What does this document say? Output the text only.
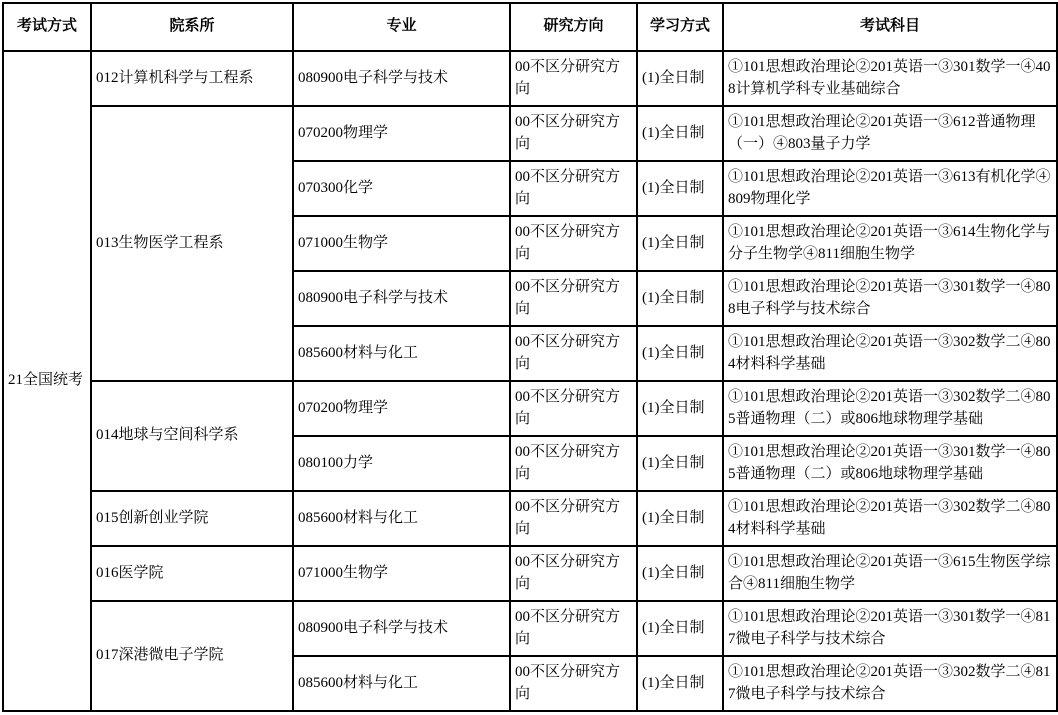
考试方式	院系所	专业	研究方向	学习方式	考试科目
21全国统考	012计算机科学与工程系	080900电子科学与技术	00不区分研究方向	(1)全日制	①101思想政治理论②201英语一③301数学一④408计算机学科专业基础综合
	013生物医学工程系	070200物理学	00不区分研究方向	(1)全日制	①101思想政治理论②201英语一③612普通物理（一）④803量子力学
		070300化学	00不区分研究方向	(1)全日制	①101思想政治理论②201英语一③613有机化学④809物理化学
		071000生物学	00不区分研究方向	(1)全日制	①101思想政治理论②201英语一③614生物化学与分子生物学④811细胞生物学
		080900电子科学与技术	00不区分研究方向	(1)全日制	①101思想政治理论②201英语一③301数学一④808电子科学与技术综合
		085600材料与化工	00不区分研究方向	(1)全日制	①101思想政治理论②201英语一③302数学二④804材料科学基础
	014地球与空间科学系	070200物理学	00不区分研究方向	(1)全日制	①101思想政治理论②201英语一③302数学二④805普通物理（二）或806地球物理学基础
		080100力学	00不区分研究方向	(1)全日制	①101思想政治理论②201英语一③301数学一④805普通物理（二）或806地球物理学基础
	015创新创业学院	085600材料与化工	00不区分研究方向	(1)全日制	①101思想政治理论②201英语一③302数学二④804材料科学基础
	016医学院	071000生物学	00不区分研究方向	(1)全日制	①101思想政治理论②201英语一③615生物医学综合④811细胞生物学
	017深港微电子学院	080900电子科学与技术	00不区分研究方向	(1)全日制	①101思想政治理论②201英语一③301数学一④817微电子科学与技术综合
		085600材料与化工	00不区分研究方向	(1)全日制	①101思想政治理论②201英语一③302数学二④817微电子科学与技术综合
